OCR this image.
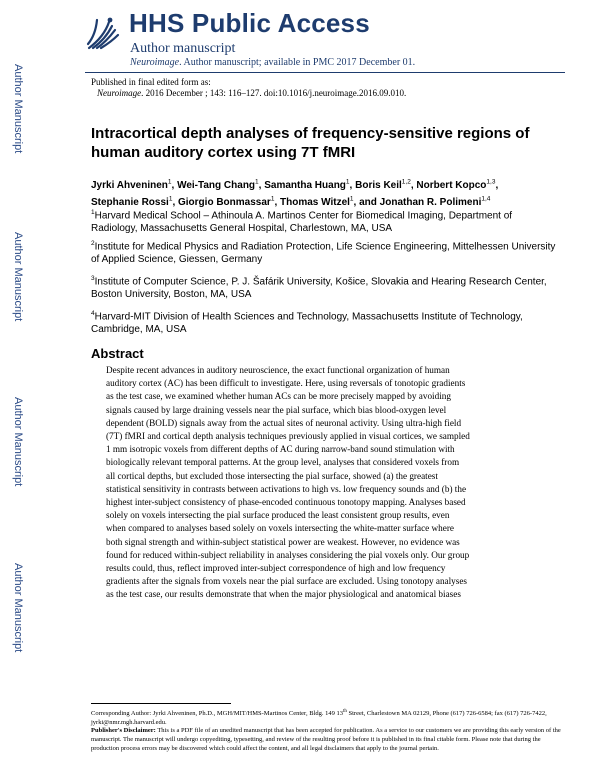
HHS Public Access
Author manuscript
Neuroimage. Author manuscript; available in PMC 2017 December 01.
Author Manuscript
Author Manuscript
Author Manuscript
Author Manuscript
Published in final edited form as:
Neuroimage. 2016 December ; 143: 116–127. doi:10.1016/j.neuroimage.2016.09.010.
Intracortical depth analyses of frequency-sensitive regions of human auditory cortex using 7T fMRI
Jyrki Ahveninen$^1$, Wei-Tang Chang$^1$, Samantha Huang$^1$, Boris Keil$^{1,2}$, Norbert Kopco$^{1,3}$,
Stephanie Rossi$^1$, Giorgio Bonmassar$^1$, Thomas Witzel$^1$, and Jonathan R. Polimeni$^{1,4}$
$^1$Harvard Medical School – Athinoula A. Martinos Center for Biomedical Imaging, Department of Radiology, Massachusetts General Hospital, Charlestown, MA, USA
$^2$Institute for Medical Physics and Radiation Protection, Life Science Engineering, Mittelhessen University of Applied Science, Giessen, Germany
$^3$Institute of Computer Science, P. J. Šafárik University, Košice, Slovakia and Hearing Research Center, Boston University, Boston, MA, USA
$^4$Harvard-MIT Division of Health Sciences and Technology, Massachusetts Institute of Technology, Cambridge, MA, USA
Abstract
Despite recent advances in auditory neuroscience, the exact functional organization of human
auditory cortex (AC) has been difficult to investigate. Here, using reversals of tonotopic gradients
as the test case, we examined whether human ACs can be more precisely mapped by avoiding
signals caused by large draining vessels near the pial surface, which bias blood-oxygen level
dependent (BOLD) signals away from the actual sites of neuronal activity. Using ultra-high field
(7T) fMRI and cortical depth analysis techniques previously applied in visual cortices, we sampled
1 mm isotropic voxels from different depths of AC during narrow-band sound stimulation with
biologically relevant temporal patterns. At the group level, analyses that considered voxels from
all cortical depths, but excluded those intersecting the pial surface, showed (a) the greatest
statistical sensitivity in contrasts between activations to high vs. low frequency sounds and (b) the
highest inter-subject consistency of phase-encoded continuous tonotopy mapping. Analyses based
solely on voxels intersecting the pial surface produced the least consistent group results, even
when compared to analyses based solely on voxels intersecting the white-matter surface where
both signal strength and within-subject statistical power are weakest. However, no evidence was
found for reduced within-subject reliability in analyses considering the pial voxels only. Our group
results could, thus, reflect improved inter-subject correspondence of high and low frequency
gradients after the signals from voxels near the pial surface are excluded. Using tonotopy analyses
as the test case, our results demonstrate that when the major physiological and anatomical biases
Corresponding Author: Jyrki Ahveninen, Ph.D., MGH/MIT/HMS-Martinos Center, Bldg. 149 13th Street, Charlestown MA 02129, Phone (617) 726-6584; fax (617) 726-7422, jyrki@nmr.mgh.harvard.edu.
Publisher's Disclaimer: This is a PDF file of an unedited manuscript that has been accepted for publication. As a service to our customers we are providing this early version of the manuscript. The manuscript will undergo copyediting, typesetting, and review of the resulting proof before it is published in its final citable form. Please note that during the production process errors may be discovered which could affect the content, and all legal disclaimers that apply to the journal pertain.
